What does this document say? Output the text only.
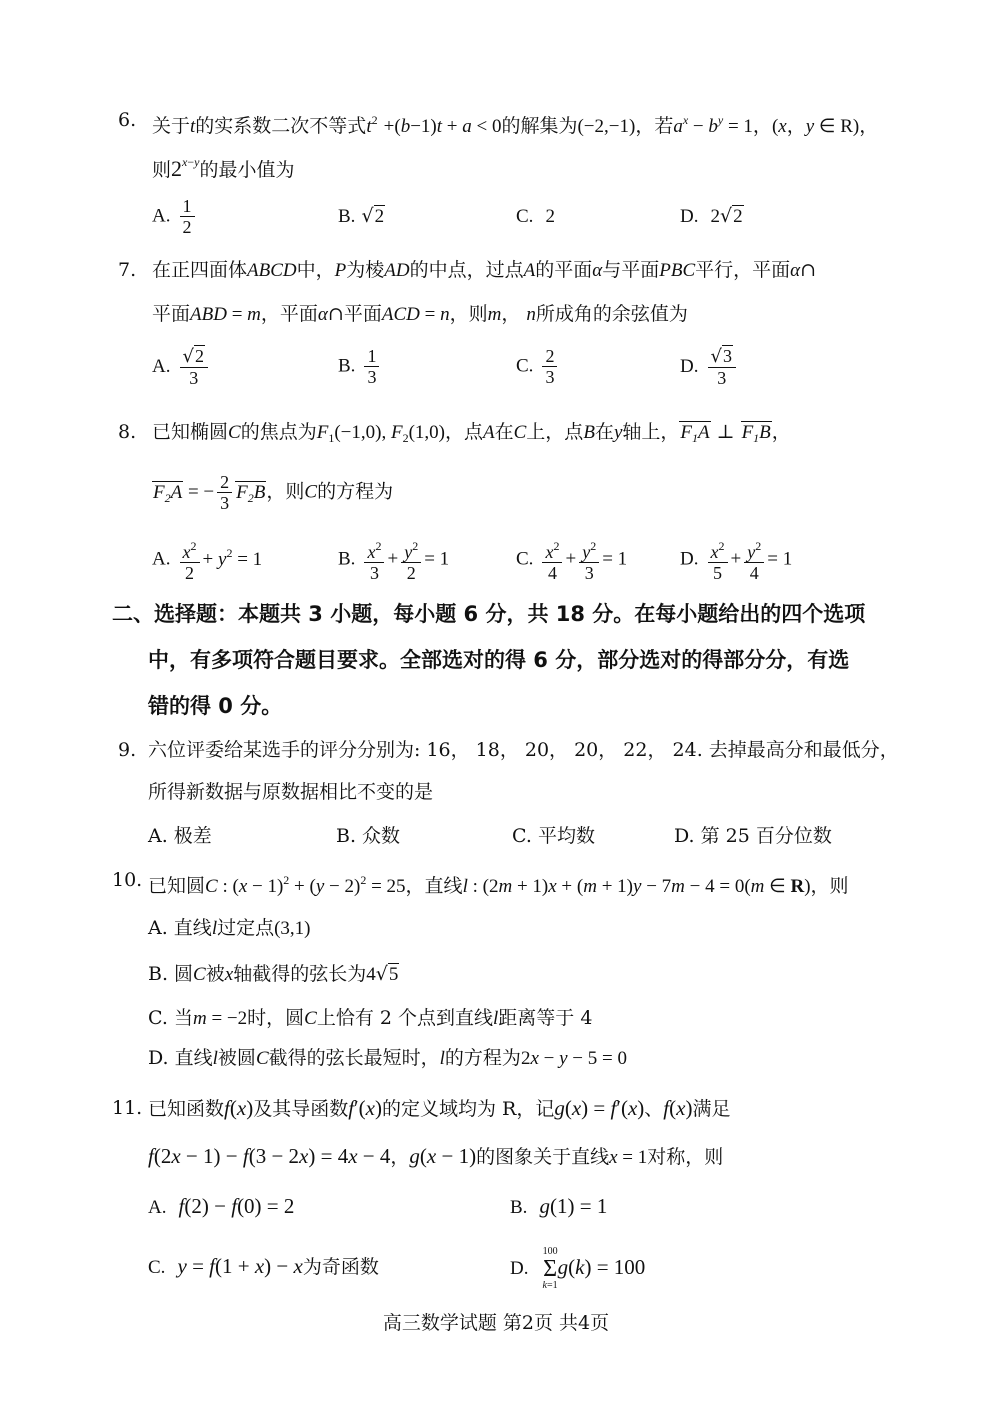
6. 关于t的实系数二次不等式$t^2 +(b-1)t + a < 0$的解集为(−2,−1)，若$a^x - b^y = 1$，(x，y ∈ R)，
则$2^{x-y}$的最小值为
A. $\frac{1}{2}$	B. √2	C. 2	D. 2√2
7. 在正四面体ABCD中，P为棱AD的中点，过点A的平面α与平面PBC平行，平面α∩
平面ABD = m，平面α∩平面ACD = n，则m， n所成角的余弦值为
A. $\frac{√2}{3}$	B. $\frac{1}{3}$	C. $\frac{2}{3}$	D. $\frac{√3}{3}$
8. 已知椭圆C的焦点为$F_1(-1,0)$, $F_2(1,0)$，点A在C上，点B在y轴上，$F_1A$ ⊥ $F_1B$，
$F_2A$ = − $\frac{2}{3} F_2B$，则C的方程为
A. $\frac{x^2}{2} + y^2 = 1$	B. $\frac{x^2}{3} + \frac{y^2}{2} = 1$	C. $\frac{x^2}{4} + \frac{y^2}{3} = 1$	D. $\frac{x^2}{5} + \frac{y^2}{4} = 1$
二、选择题：本题共 3 小题，每小题 6 分，共 18 分。在每小题给出的四个选项
中，有多项符合题目要求。全部选对的得 6 分，部分选对的得部分分，有选
错的得 0 分。
9. 六位评委给某选手的评分分别为: 16， 18， 20， 20， 22， 24. 去掉最高分和最低分，
所得新数据与原数据相比不变的是
A. 极差	B. 众数	C. 平均数	D. 第 25 百分位数
10. 已知圆C : $(x - 1)^2 + (y - 2)^2 = 25$，直线l : (2m + 1)x + (m + 1)y − 7m − 4 = 0(m ∈ R)，则
A. 直线l过定点(3,1)
B. 圆C被x轴截得的弦长为4√5
C. 当m = −2时，圆C上恰有 2 个点到直线l距离等于 4
D. 直线l被圆C截得的弦长最短时，l的方程为2x − y − 5 = 0
11. 已知函数f(x)及其导函数f′(x)的定义域均为 R，记g(x) = f′(x)、f(x)满足
f(2x − 1) − f(3 − 2x) = 4x − 4，g(x − 1)的图象关于直线x = 1对称，则
A. f(2) − f(0) = 2	B. g(1) = 1
C. y = f(1 + x) − x为奇函数	D.
100
Σ
k=1
g(k) = 100
高三数学试题 第2页 共4页
